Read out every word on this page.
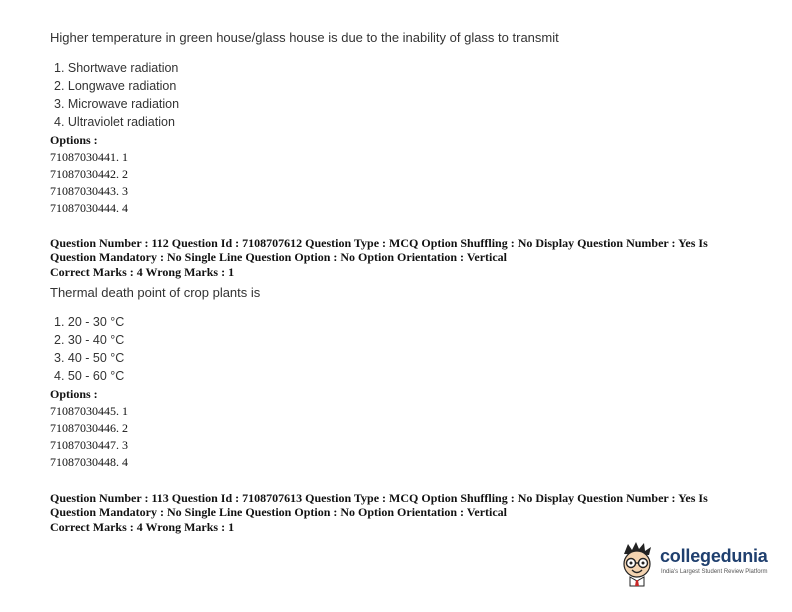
Higher temperature in green house/glass house is due to the inability of glass to transmit
1. Shortwave radiation
2. Longwave radiation
3. Microwave radiation
4. Ultraviolet radiation
Options :
71087030441. 1
71087030442. 2
71087030443. 3
71087030444. 4
Question Number : 112 Question Id : 7108707612 Question Type : MCQ Option Shuffling : No Display Question Number : Yes Is
Question Mandatory : No Single Line Question Option : No Option Orientation : Vertical
Correct Marks : 4 Wrong Marks : 1
Thermal death point of crop plants is
1. 20 - 30 °C
2. 30 - 40 °C
3. 40 - 50 °C
4. 50 - 60 °C
Options :
71087030445. 1
71087030446. 2
71087030447. 3
71087030448. 4
Question Number : 113 Question Id : 7108707613 Question Type : MCQ Option Shuffling : No Display Question Number : Yes Is
Question Mandatory : No Single Line Question Option : No Option Orientation : Vertical
Correct Marks : 4 Wrong Marks : 1
collegedunia
India's Largest Student Review Platform
